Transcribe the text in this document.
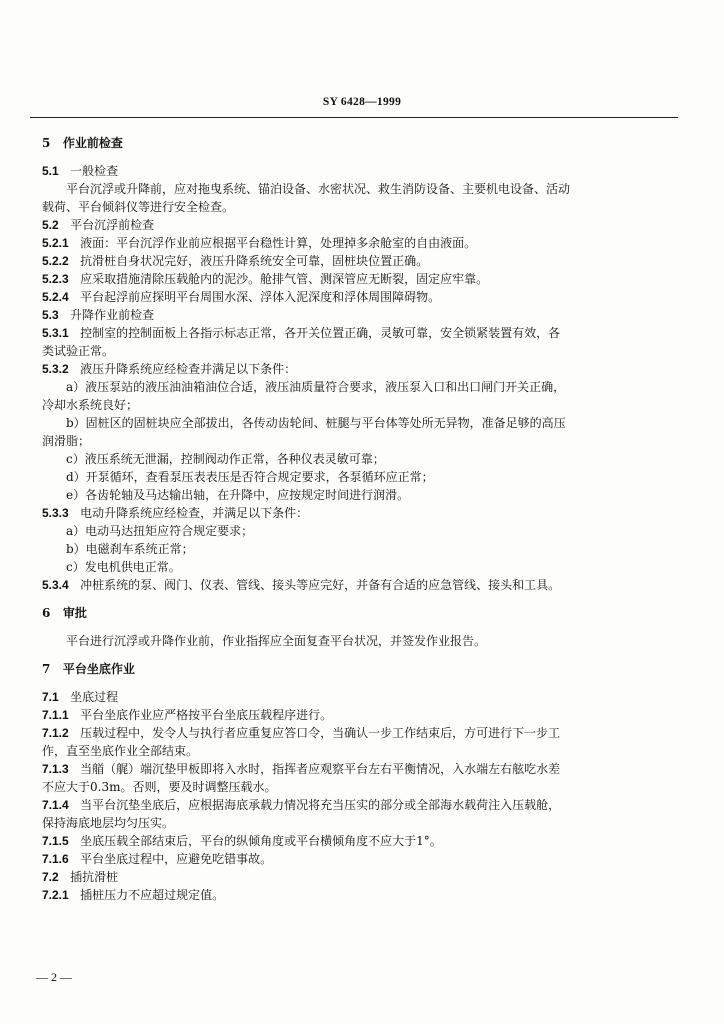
SY 6428—1999
5 作业前检查
5.1 一般检查
平台沉浮或升降前，应对拖曳系统、锚泊设备、水密状况、救生消防设备、主要机电设备、活动
载荷、平台倾斜仪等进行安全检查。
5.2 平台沉浮前检查
5.2.1 液面：平台沉浮作业前应根据平台稳性计算，处理掉多余舱室的自由液面。
5.2.2 抗滑桩自身状况完好，液压升降系统安全可靠，固桩块位置正确。
5.2.3 应采取措施清除压载舱内的泥沙。舱排气管、测深管应无断裂，固定应牢靠。
5.2.4 平台起浮前应探明平台周围水深、浮体入泥深度和浮体周围障碍物。
5.3 升降作业前检查
5.3.1 控制室的控制面板上各指示标志正常，各开关位置正确，灵敏可靠，安全锁紧装置有效，各
类试验正常。
5.3.2 液压升降系统应经检查并满足以下条件：
a）液压泵站的液压油油箱油位合适，液压油质量符合要求，液压泵入口和出口闸门开关正确，
冷却水系统良好；
b）固桩区的固桩块应全部拔出，各传动齿轮间、桩腿与平台体等处所无异物，准备足够的高压
润滑脂；
c）液压系统无泄漏，控制阀动作正常，各种仪表灵敏可靠；
d）开泵循环，查看泵压表表压是否符合规定要求，各泵循环应正常；
e）各齿轮轴及马达输出轴，在升降中，应按规定时间进行润滑。
5.3.3 电动升降系统应经检查，并满足以下条件：
a）电动马达扭矩应符合规定要求；
b）电磁刹车系统正常；
c）发电机供电正常。
5.3.4 冲桩系统的泵、阀门、仪表、管线、接头等应完好，并备有合适的应急管线、接头和工具。
6 审批
平台进行沉浮或升降作业前，作业指挥应全面复查平台状况，并签发作业报告。
7 平台坐底作业
7.1 坐底过程
7.1.1 平台坐底作业应严格按平台坐底压载程序进行。
7.1.2 压载过程中，发令人与执行者应重复应答口令，当确认一步工作结束后，方可进行下一步工
作，直至坐底作业全部结束。
7.1.3 当艏（艉）端沉垫甲板即将入水时，指挥者应观察平台左右平衡情况，入水端左右舷吃水差
不应大于0.3m。否则，要及时调整压载水。
7.1.4 当平台沉垫坐底后，应根据海底承载力情况将充当压实的部分或全部海水载荷注入压载舱，
保持海底地层均匀压实。
7.1.5 坐底压载全部结束后，平台的纵倾角度或平台横倾角度不应大于1°。
7.1.6 平台坐底过程中，应避免吃错事故。
7.2 插抗滑桩
7.2.1 插桩压力不应超过规定值。
— 2 —
